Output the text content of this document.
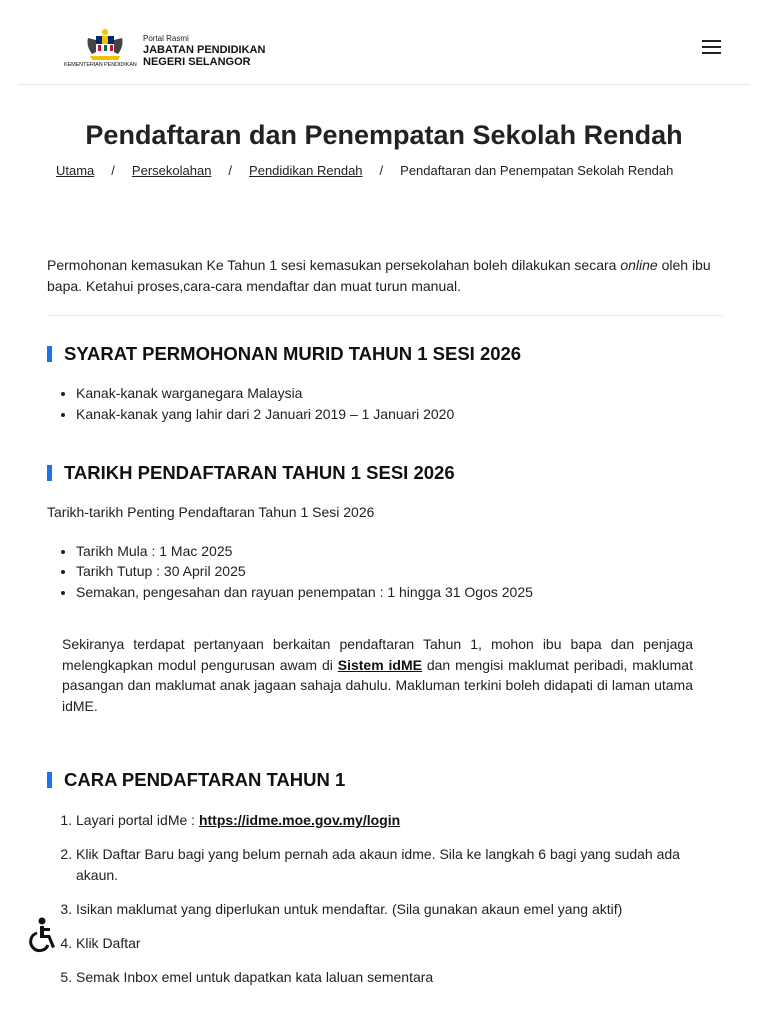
KEMENTERIAN PENDIDIKAN
Portal Rasmi
JABATAN PENDIDIKAN
NEGERI SELANGOR
Pendaftaran dan Penempatan Sekolah Rendah
Utama / Persekolahan / Pendidikan Rendah / Pendaftaran dan Penempatan Sekolah Rendah

Permohonan kemasukan Ke Tahun 1 sesi kemasukan persekolahan boleh dilakukan secara online oleh ibu bapa. Ketahui proses,cara-cara mendaftar dan muat turun manual.

SYARAT PERMOHONAN MURID TAHUN 1 SESI 2026
• Kanak-kanak warganegara Malaysia
• Kanak-kanak yang lahir dari 2 Januari 2019 – 1 Januari 2020
TARIKH PENDAFTARAN TAHUN 1 SESI 2026

Tarikh-tarikh Penting Pendaftaran Tahun 1 Sesi 2026

• Tarikh Mula : 1 Mac 2025
• Tarikh Tutup : 30 April 2025
• Semakan, pengesahan dan rayuan penempatan : 1 hingga 31 Ogos 2025

Sekiranya terdapat pertanyaan berkaitan pendaftaran Tahun 1, mohon ibu bapa dan penjaga melengkapkan modul pengurusan awam di Sistem idME dan mengisi maklumat peribadi, maklumat pasangan dan maklumat anak jagaan sahaja dahulu. Makluman terkini boleh didapati di laman utama idME.

CARA PENDAFTARAN TAHUN 1
1. Layari portal idMe : https://idme.moe.gov.my/login
2. Klik Daftar Baru bagi yang belum pernah ada akaun idme. Sila ke langkah 6 bagi yang sudah ada akaun.
3. Isikan maklumat yang diperlukan untuk mendaftar. (Sila gunakan akaun emel yang aktif)
4. Klik Daftar
5. Semak Inbox emel untuk dapatkan kata laluan sementara
